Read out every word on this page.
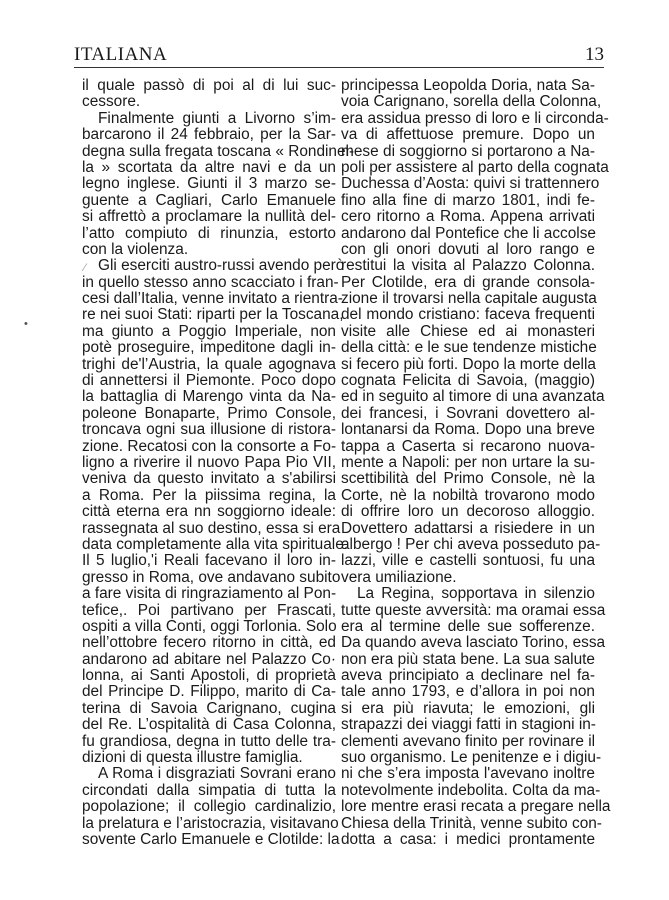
ITALIANA	13
il quale passò di poi al di lui suc-
cessore.
Finalmente giunti a Livorno s’im-
barcarono il 24 febbraio, per la Sar-
degna sulla fregata toscana « Rondinel-
la » scortata da altre navi e da un
legno inglese. Giunti il 3 marzo se-
guente a Cagliari, Carlo Emanuele
si affrettò a proclamare la nullità del-
l’atto compiuto di rinunzia, estorto
con la violenza.
Gli eserciti austro-russi avendo però
in quello stesso anno scacciato i fran-
cesi dall’Italia, venne invitato a rientra-
re nei suoi Stati: riparti per la Toscana,
ma giunto a Poggio Imperiale, non
potè proseguire, impeditone dagli in-
trighi de'l’Austria, la quale agognava
di annettersi il Piemonte. Poco dopo
la battaglia di Marengo vinta da Na-
poleone Bonaparte, Primo Console,
troncava ogni sua illusione di ristora-
zione. Recatosi con la consorte a Fo-
ligno a riverire il nuovo Papa Pio VII,
veniva da questo invitato a s'abilirsi
a Roma. Per la piissima regina, la
città eterna era nn soggiorno ideale:
rassegnata al suo destino, essa si era
data completamente alla vita spirituale.
Il 5 luglio,'i Reali facevano il loro in-
gresso in Roma, ove andavano subito
a fare visita di ringraziamento al Pon-
tefice,. Poi partivano per Frascati,
ospiti a villa Conti, oggi Torlonia. Solo
nell’ottobre fecero ritorno in città, ed
andarono ad abitare nel Palazzo Co·
lonna, ai Santi Apostoli, di proprietà
del Principe D. Filippo, marito di Ca-
terina di Savoia Carignano, cugina
del Re. L’ospitalità di Casa Colonna,
fu grandiosa, degna in tutto delle tra-
dizioni di questa illustre famiglia.
A Roma i disgraziati Sovrani erano
circondati dalla simpatia di tutta la
popolazione; il collegio cardinalizio,
la prelatura e l’aristocrazia, visitavano
sovente Carlo Emanuele e Clotilde: la
principessa Leopolda Doria, nata Sa-
voia Carignano, sorella della Colonna,
era assidua presso di loro e li circonda-
va di affettuose premure. Dopo un
mese di soggiorno si portarono a Na-
poli per assistere al parto della cognata
Duchessa d’Aosta: quivi si trattennero
fino alla fine di marzo 1801, indi fe-
cero ritorno a Roma. Appena arrivati
andarono dal Pontefice che li accolse
con gli onori dovuti al loro rango e
restitui la visita al Palazzo Colonna.
Per Clotilde, era di grande consola-
zione il trovarsi nella capitale augusta
del mondo cristiano: faceva frequenti
visite alle Chiese ed ai monasteri
della città: e le sue tendenze mistiche
si fecero più forti. Dopo la morte della
cognata Felicita di Savoia, (maggio)
ed in seguito al timore di una avanzata
dei francesi, i Sovrani dovettero al-
lontanarsi da Roma. Dopo una breve
tappa a Caserta si recarono nuova-
mente a Napoli: per non urtare la su-
scettibilità del Primo Console, nè la
Corte, nè la nobiltà trovarono modo
di offrire loro un decoroso alloggio.
Dovettero adattarsi a risiedere in un
albergo ! Per chi aveva posseduto pa-
lazzi, ville e castelli sontuosi, fu una
vera umiliazione.
La Regina, sopportava in silenzio
tutte queste avversità: ma oramai essa
era al termine delle sue sofferenze.
Da quando aveva lasciato Torino, essa
non era più stata bene. La sua salute
aveva principiato a declinare nel fa-
tale anno 1793, e d’allora in poi non
si era più riavuta; le emozioni, gli
strapazzi dei viaggi fatti in stagioni in-
clementi avevano finito per rovinare il
suo organismo. Le penitenze e i digiu-
ni che s’era imposta l'avevano inoltre
notevolmente indebolita. Colta da ma-
lore mentre erasi recata a pregare nella
Chiesa della Trinità, venne subito con-
dotta a casa: i medici prontamente
•
⁄
